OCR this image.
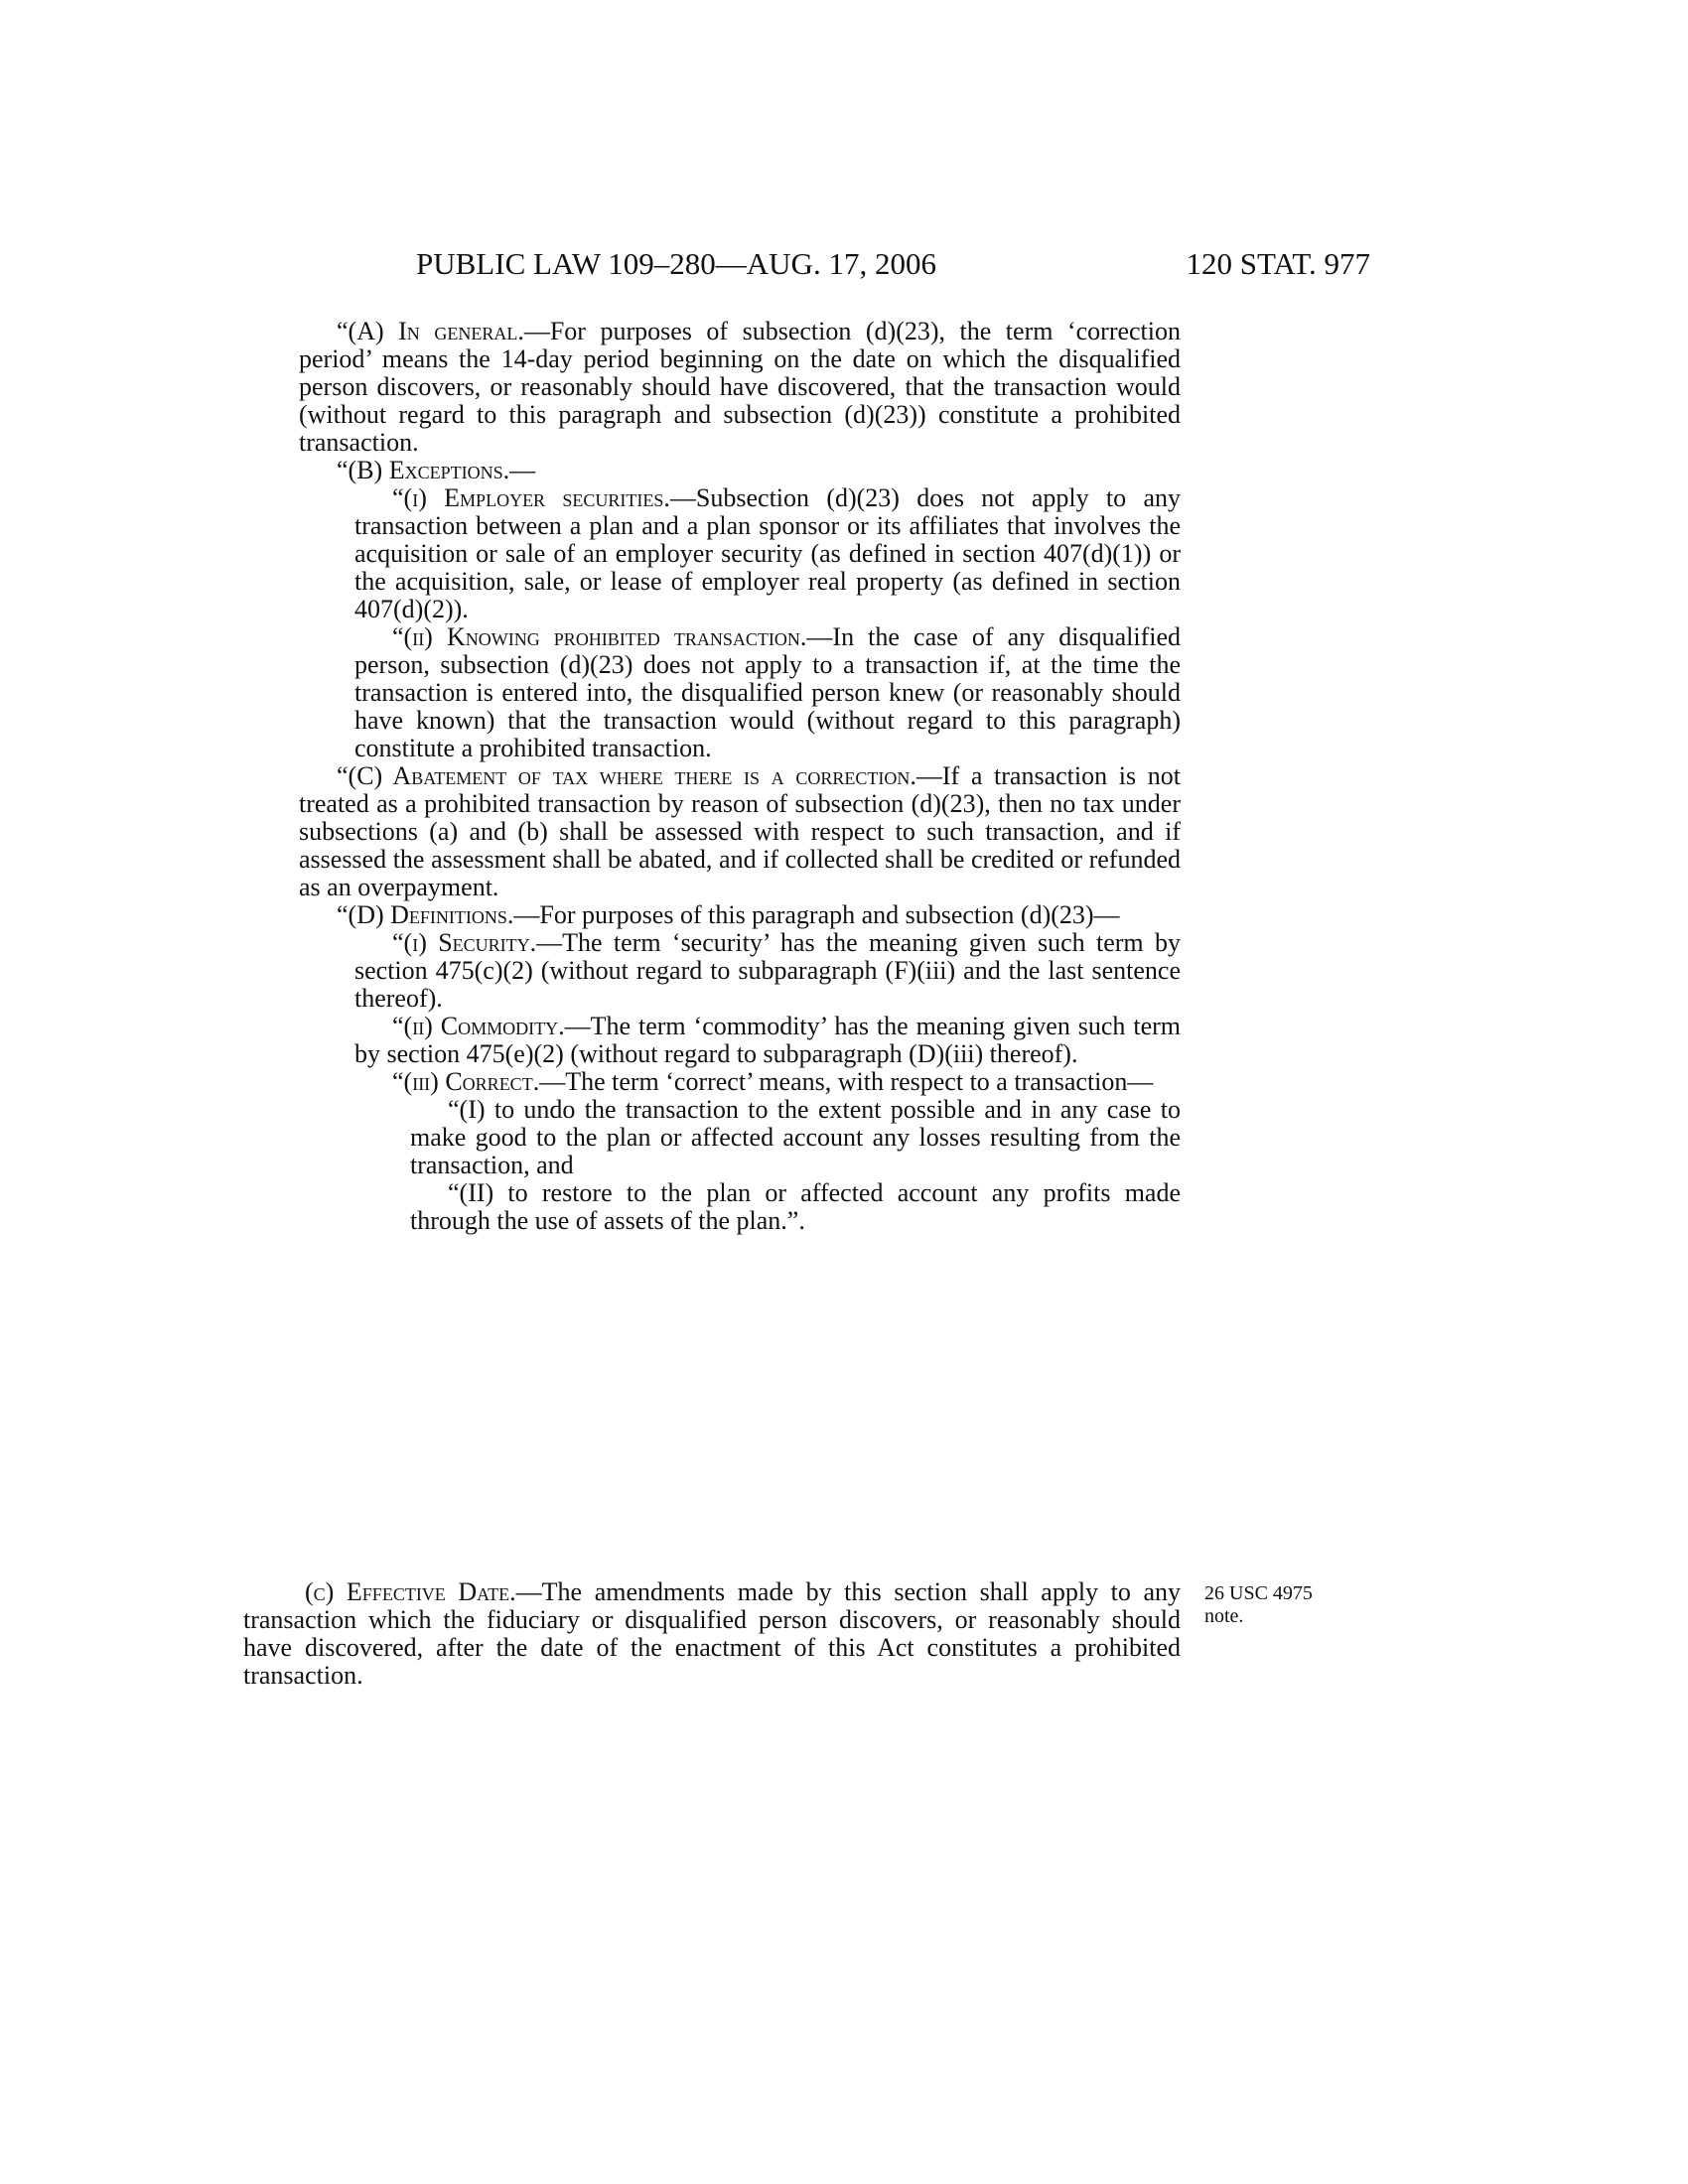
PUBLIC LAW 109–280—AUG. 17, 2006	120 STAT. 977

“(A) In general.—For purposes of subsection (d)(23), the term ‘correction period’ means the 14-day period beginning on the date on which the disqualified person discovers, or reasonably should have discovered, that the transaction would (without regard to this paragraph and subsection (d)(23)) constitute a prohibited transaction.

“(B) Exceptions.—

“(i) Employer securities.—Subsection (d)(23) does not apply to any transaction between a plan and a plan sponsor or its affiliates that involves the acquisition or sale of an employer security (as defined in section 407(d)(1)) or the acquisition, sale, or lease of employer real property (as defined in section 407(d)(2)).

“(ii) Knowing prohibited transaction.—In the case of any disqualified person, subsection (d)(23) does not apply to a transaction if, at the time the transaction is entered into, the disqualified person knew (or reasonably should have known) that the transaction would (without regard to this paragraph) constitute a prohibited transaction.

“(C) Abatement of tax where there is a correction.—If a transaction is not treated as a prohibited transaction by reason of subsection (d)(23), then no tax under subsections (a) and (b) shall be assessed with respect to such transaction, and if assessed the assessment shall be abated, and if collected shall be credited or refunded as an overpayment.

“(D) Definitions.—For purposes of this paragraph and subsection (d)(23)—

“(i) Security.—The term ‘security’ has the meaning given such term by section 475(c)(2) (without regard to subparagraph (F)(iii) and the last sentence thereof).

“(ii) Commodity.—The term ‘commodity’ has the meaning given such term by section 475(e)(2) (without regard to subparagraph (D)(iii) thereof).

“(iii) Correct.—The term ‘correct’ means, with respect to a transaction—

“(I) to undo the transaction to the extent possible and in any case to make good to the plan or affected account any losses resulting from the transaction, and

“(II) to restore to the plan or affected account any profits made through the use of assets of the plan.”.

(c) Effective Date.—The amendments made by this section shall apply to any transaction which the fiduciary or disqualified person discovers, or reasonably should have discovered, after the date of the enactment of this Act constitutes a prohibited transaction.

26 USC 4975
note.
